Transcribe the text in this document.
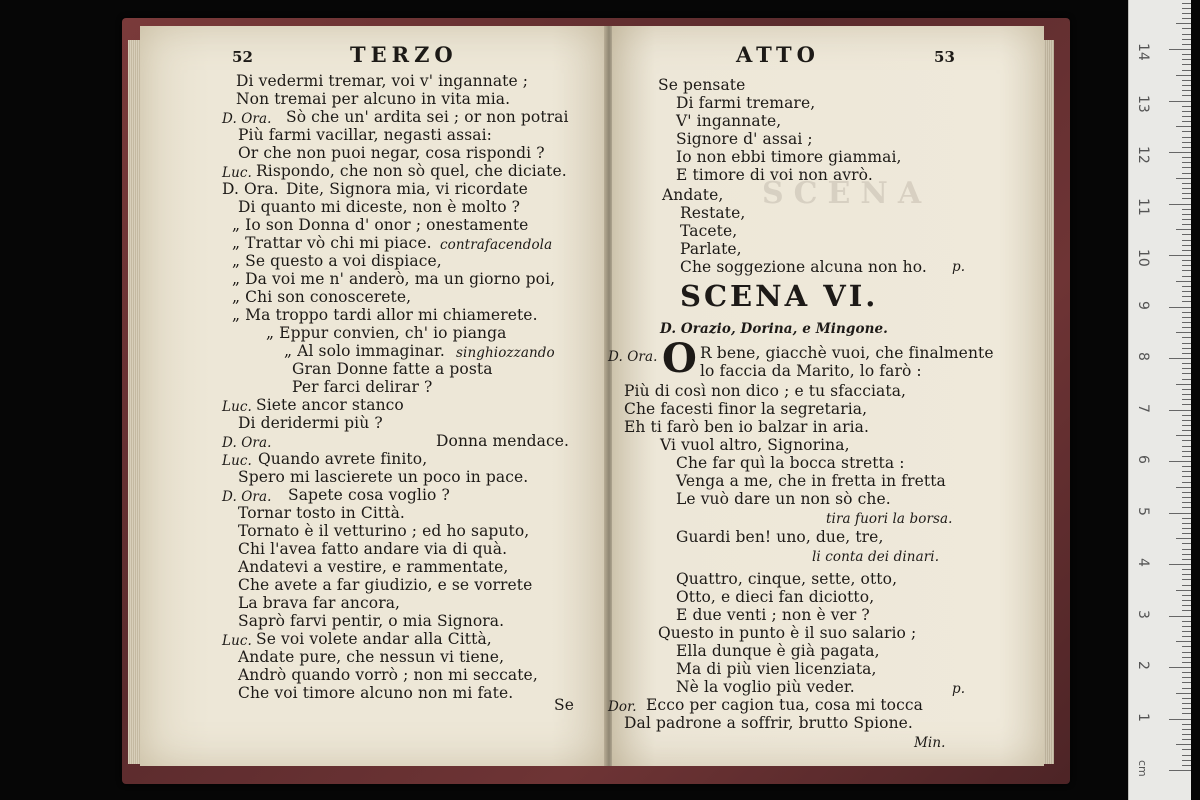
52	TERZO
Di vedermi tremar, voi v' ingannate ;
Non tremai per alcuno in vita mia.
D. Ora. Sò che un' ardita sei ; or non potrai
Più farmi vacillar, negasti assai:
Or che non puoi negar, cosa rispondi ?
Luc. Rispondo, che non sò quel, che diciate.
D. Ora. Dite, Signora mia, vi ricordate
Di quanto mi diceste, non è molto ?
„ Io son Donna d' onor ; onestamente
„ Trattar vò chi mi piace. contrafacendola
„ Se questo a voi dispiace,
„ Da voi me n' anderò, ma un giorno poi,
„ Chi son conoscerete,
„ Ma troppo tardi allor mi chiamerete.
„ Eppur convien, ch' io pianga
„ Al solo immaginar. singhiozzando
Gran Donne fatte a posta
Per farci delirar ?
Luc. Siete ancor stanco
Di deridermi più ?
D. Ora.	Donna mendace.
Luc. Quando avrete finito,
Spero mi lascierete un poco in pace.
D. Ora. Sapete cosa voglio ?
Tornar tosto in Città.
Tornato è il vetturino ; ed ho saputo,
Chi l'avea fatto andare via di quà.
Andatevi a vestire, e rammentate,
Che avete a far giudizio, e se vorrete
La brava far ancora,
Saprò farvi pentir, o mia Signora.
Luc. Se voi volete andar alla Città,
Andate pure, che nessun vi tiene,
Andrò quando vorrò ; non mi seccate,
Che voi timore alcuno non mi fate.
Se
ATTO	53
SCENA
Se pensate
Di farmi tremare,
V' ingannate,
Signore d' assai ;
Io non ebbi timore giammai,
E timore di voi non avrò.
Andate,
Restate,
Tacete,
Parlate,
Che soggezione alcuna non ho. p.
SCENA VI.
D. Orazio, Dorina, e Mingone.
D. Ora. O R bene, giacchè vuoi, che finalmente
lo faccia da Marito, lo farò :
Più di così non dico ; e tu sfacciata,
Che facesti finor la segretaria,
Eh ti farò ben io balzar in aria.
Vi vuol altro, Signorina,
Che far quì la bocca stretta :
Venga a me, che in fretta in fretta
Le vuò dare un non sò che.
tira fuori la borsa.
Guardi ben! uno, due, tre,
li conta dei dinari.
Quattro, cinque, sette, otto,
Otto, e dieci fan diciotto,
E due venti ; non è ver ?
Questo in punto è il suo salario ;
Ella dunque è già pagata,
Ma di più vien licenziata,
Nè la voglio più veder.	p.
Dor. Ecco per cagion tua, cosa mi tocca
Dal padrone a soffrir, brutto Spione.
Min.
cm
14
13
12
11
10
9
8
7
6
5
4
3
2
1
